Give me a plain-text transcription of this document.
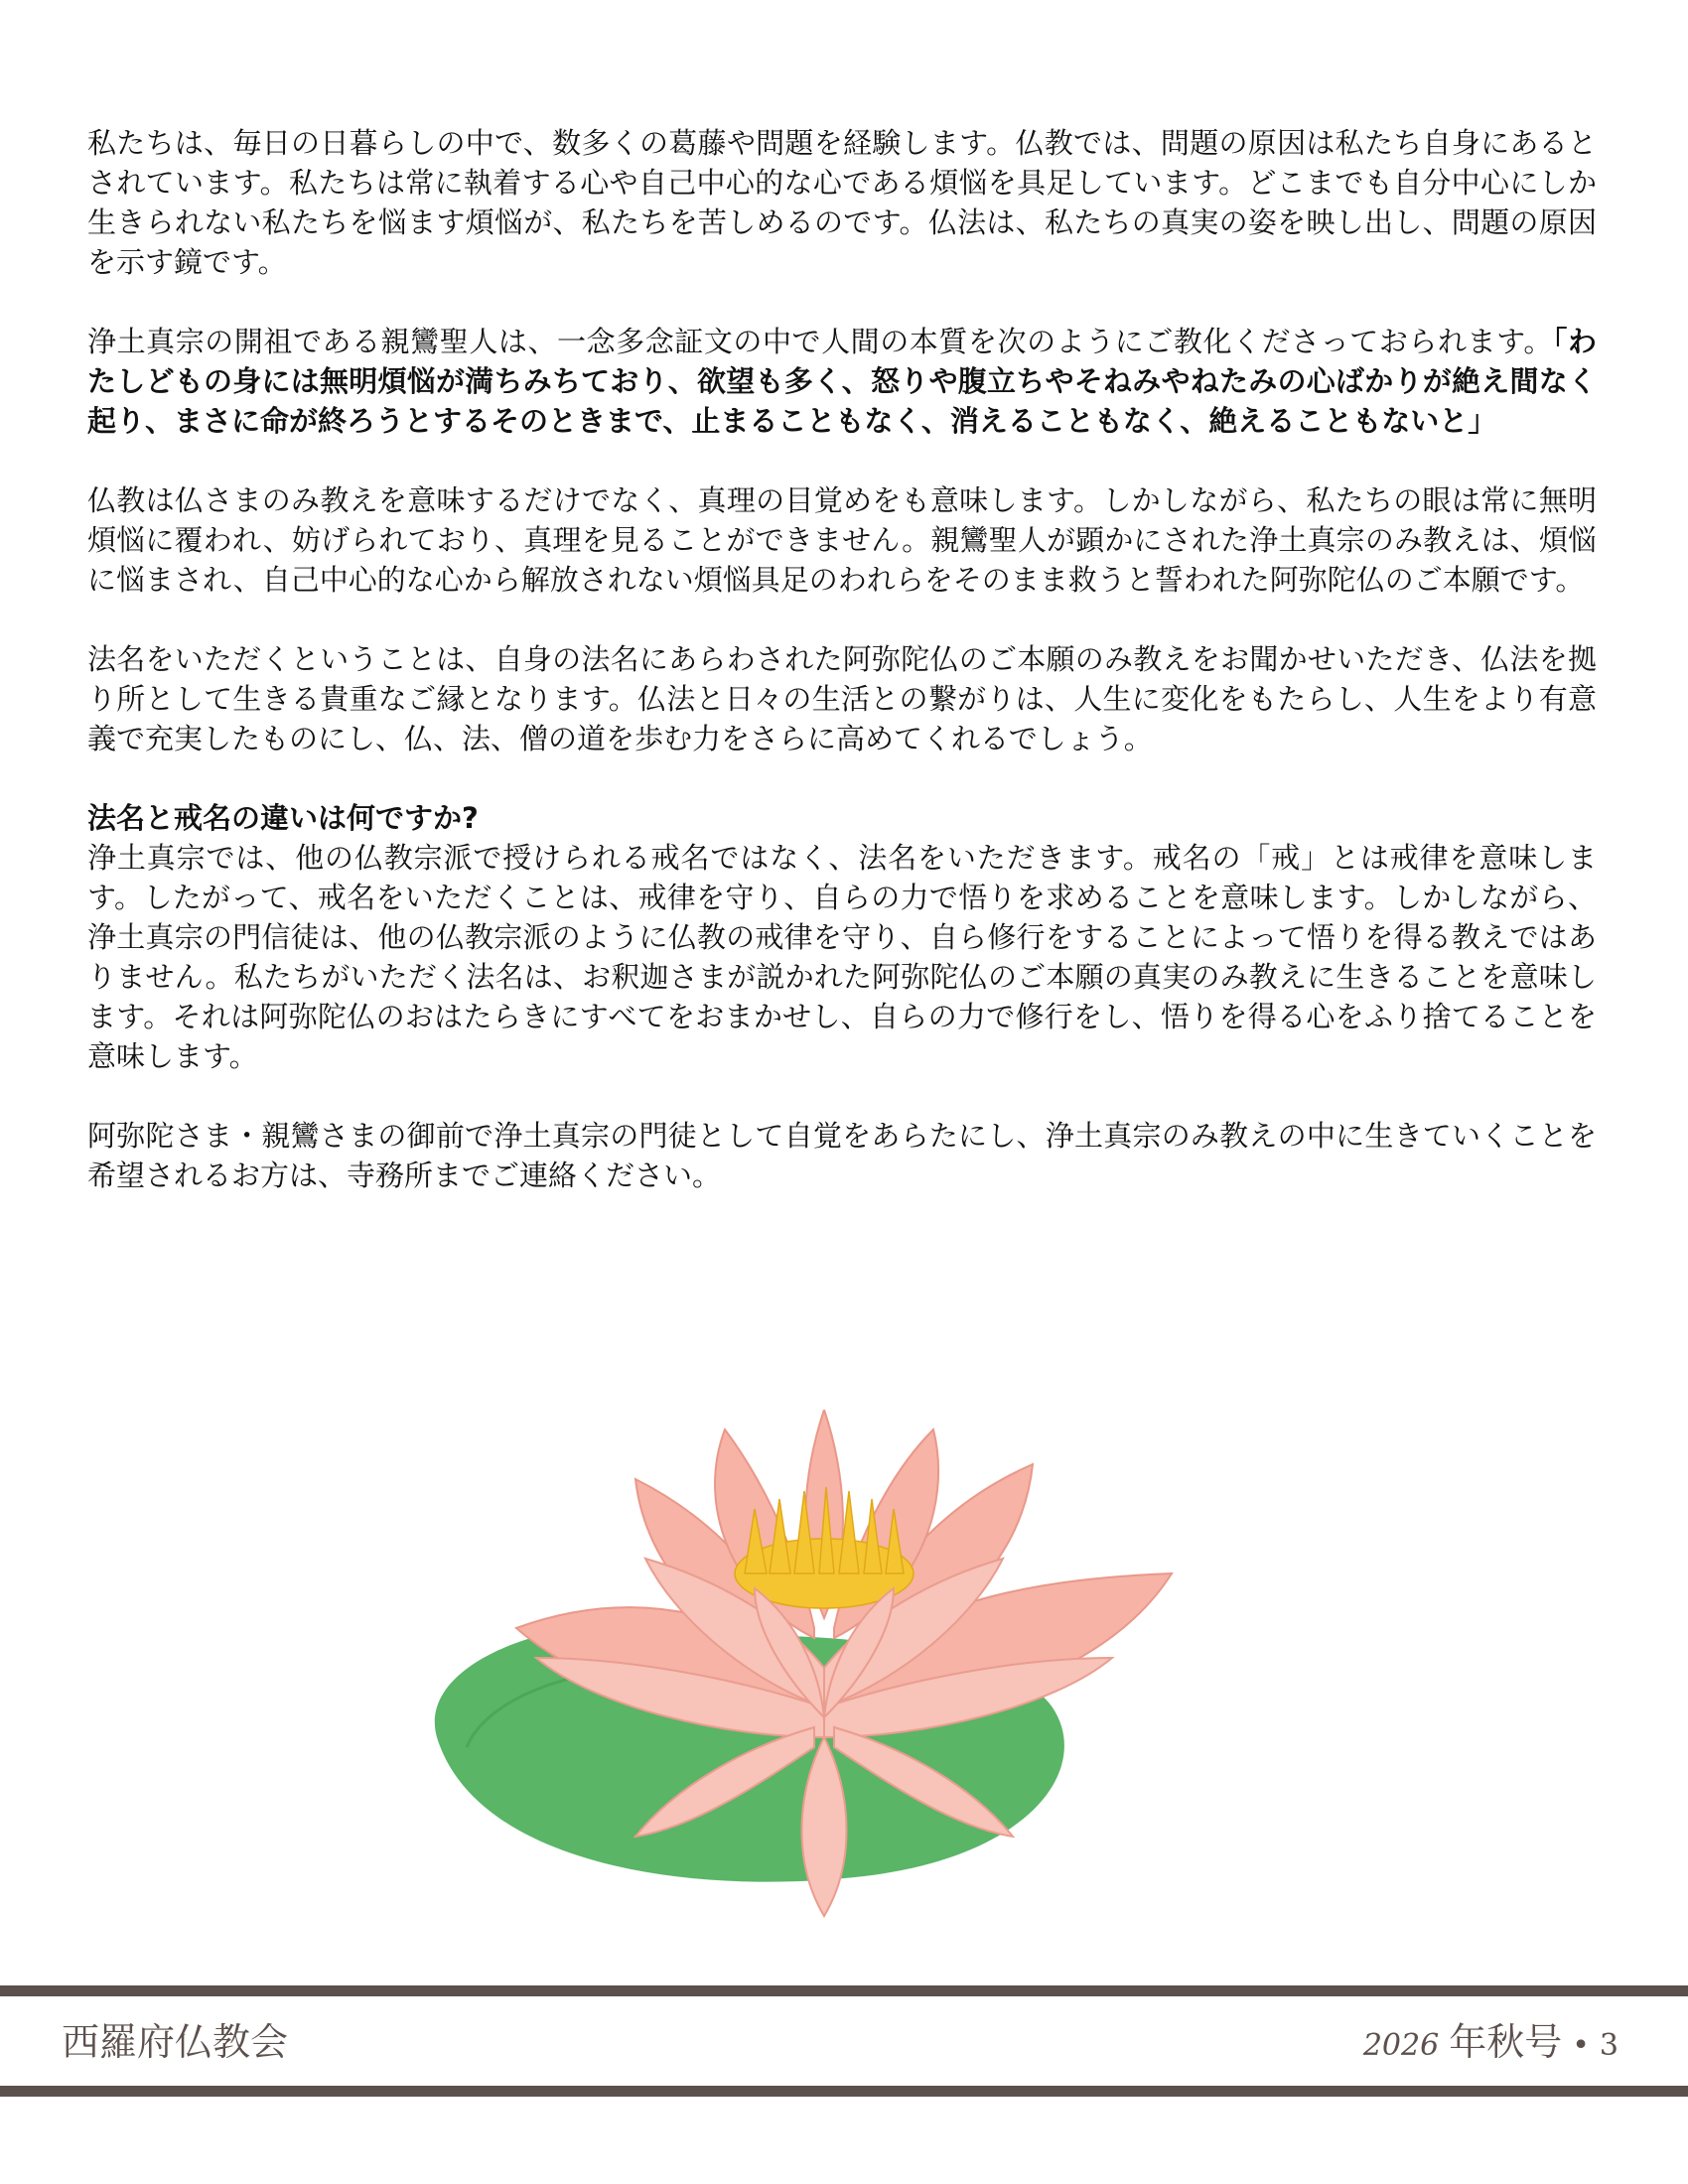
私たちは、毎日の日暮らしの中で、数多くの葛藤や問題を経験します。仏教では、問題の原因は私たち自身にあるとされています。私たちは常に執着する心や自己中心的な心である煩悩を具足しています。どこまでも自分中心にしか生きられない私たちを悩ます煩悩が、私たちを苦しめるのです。仏法は、私たちの真実の姿を映し出し、問題の原因を示す鏡です。

浄土真宗の開祖である親鸞聖人は、一念多念証文の中で人間の本質を次のようにご教化くださっておられます。「わたしどもの身には無明煩悩が満ちみちており、欲望も多く、怒りや腹立ちやそねみやねたみの心ばかりが絶え間なく起り、まさに命が終ろうとするそのときまで、止まることもなく、消えることもなく、絶えることもないと」

仏教は仏さまのみ教えを意味するだけでなく、真理の目覚めをも意味します。しかしながら、私たちの眼は常に無明煩悩に覆われ、妨げられており、真理を見ることができません。親鸞聖人が顕かにされた浄土真宗のみ教えは、煩悩に悩まされ、自己中心的な心から解放されない煩悩具足のわれらをそのまま救うと誓われた阿弥陀仏のご本願です。

法名をいただくということは、自身の法名にあらわされた阿弥陀仏のご本願のみ教えをお聞かせいただき、仏法を拠り所として生きる貴重なご縁となります。仏法と日々の生活との繋がりは、人生に変化をもたらし、人生をより有意義で充実したものにし、仏、法、僧の道を歩む力をさらに高めてくれるでしょう。

法名と戒名の違いは何ですか?

浄土真宗では、他の仏教宗派で授けられる戒名ではなく、法名をいただきます。戒名の「戒」とは戒律を意味します。したがって、戒名をいただくことは、戒律を守り、自らの力で悟りを求めることを意味します。しかしながら、浄土真宗の門信徒は、他の仏教宗派のように仏教の戒律を守り、自ら修行をすることによって悟りを得る教えではありません。私たちがいただく法名は、お釈迦さまが説かれた阿弥陀仏のご本願の真実のみ教えに生きることを意味します。それは阿弥陀仏のおはたらきにすべてをおまかせし、自らの力で修行をし、悟りを得る心をふり捨てることを意味します。

阿弥陀さま・親鸞さまの御前で浄土真宗の門徒として自覚をあらたにし、浄土真宗のみ教えの中に生きていくことを希望されるお方は、寺務所までご連絡ください。

西羅府仏教会	2026 年秋号 • 3
